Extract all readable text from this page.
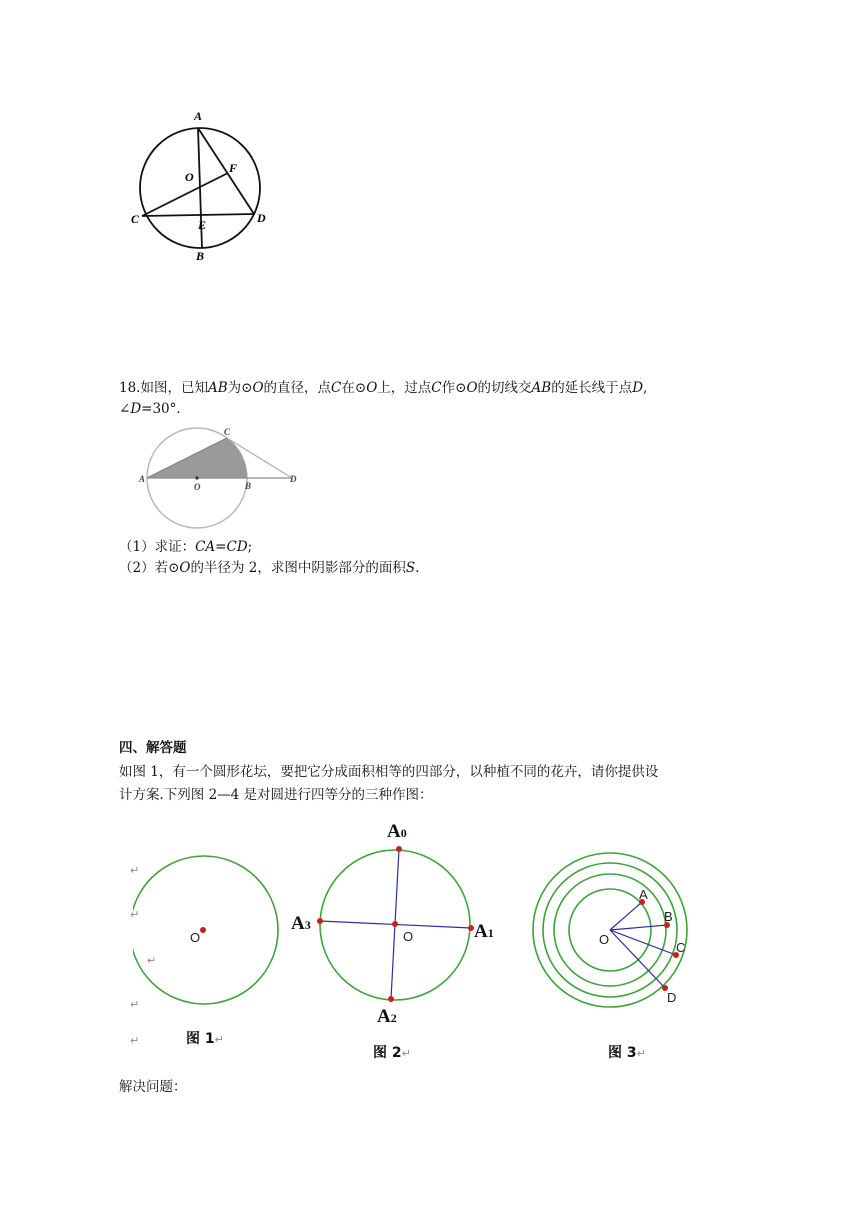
A
O
F
C	E	D
B
18.如图，已知AB为⊙O的直径，点C在⊙O上，过点C作⊙O的切线交AB的延长线于点D,
∠D=30°．
A
O	B
C
D
（1）求证：CA=CD;
（2）若⊙O的半径为 2，求图中阴影部分的面积S.
四、解答题
如图 1，有一个圆形花坛，要把它分成面积相等的四部分，以种植不同的花卉，请你提供设
计方案.下列图 2—4 是对圆进行四等分的三种作图：
O
↵
↵
↵
↵
↵	图 1↵
A0
A1
A2
A3
O
图 2↵
O
A
B
C
D
图 3↵
解决问题：
